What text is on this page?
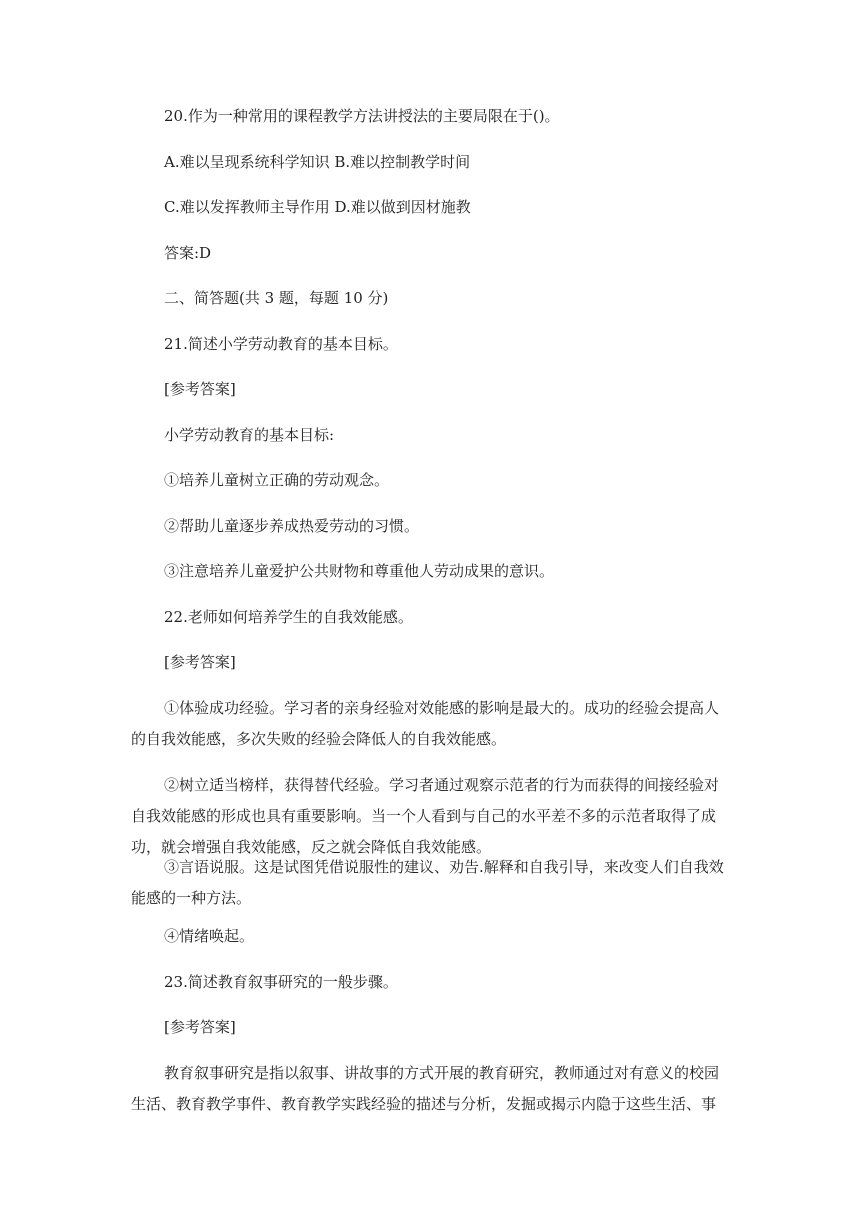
20.作为一种常用的课程教学方法讲授法的主要局限在于()。

A.难以呈现系统科学知识 B.难以控制教学时间

C.难以发挥教师主导作用 D.难以做到因材施教

答案:D

二、简答题(共 3 题，每题 10 分)

21.简述小学劳动教育的基本目标。

[参考答案]

小学劳动教育的基本目标:

①培养儿童树立正确的劳动观念。

②帮助儿童逐步养成热爱劳动的习惯。

③注意培养儿童爱护公共财物和尊重他人劳动成果的意识。

22.老师如何培养学生的自我效能感。

[参考答案]

①体验成功经验。学习者的亲身经验对效能感的影响是最大的。成功的经验会提高人
的自我效能感，多次失败的经验会降低人的自我效能感。
②树立适当榜样，获得替代经验。学习者通过观察示范者的行为而获得的间接经验对
自我效能感的形成也具有重要影响。当一个人看到与自己的水平差不多的示范者取得了成
功，就会增强自我效能感，反之就会降低自我效能感。
③言语说服。这是试图凭借说服性的建议、劝告.解释和自我引导，来改变人们自我效
能感的一种方法。

④情绪唤起。

23.简述教育叙事研究的一般步骤。

[参考答案]

教育叙事研究是指以叙事、讲故事的方式开展的教育研究，教师通过对有意义的校园
生活、教育教学事件、教育教学实践经验的描述与分析，发掘或揭示内隐于这些生活、事
